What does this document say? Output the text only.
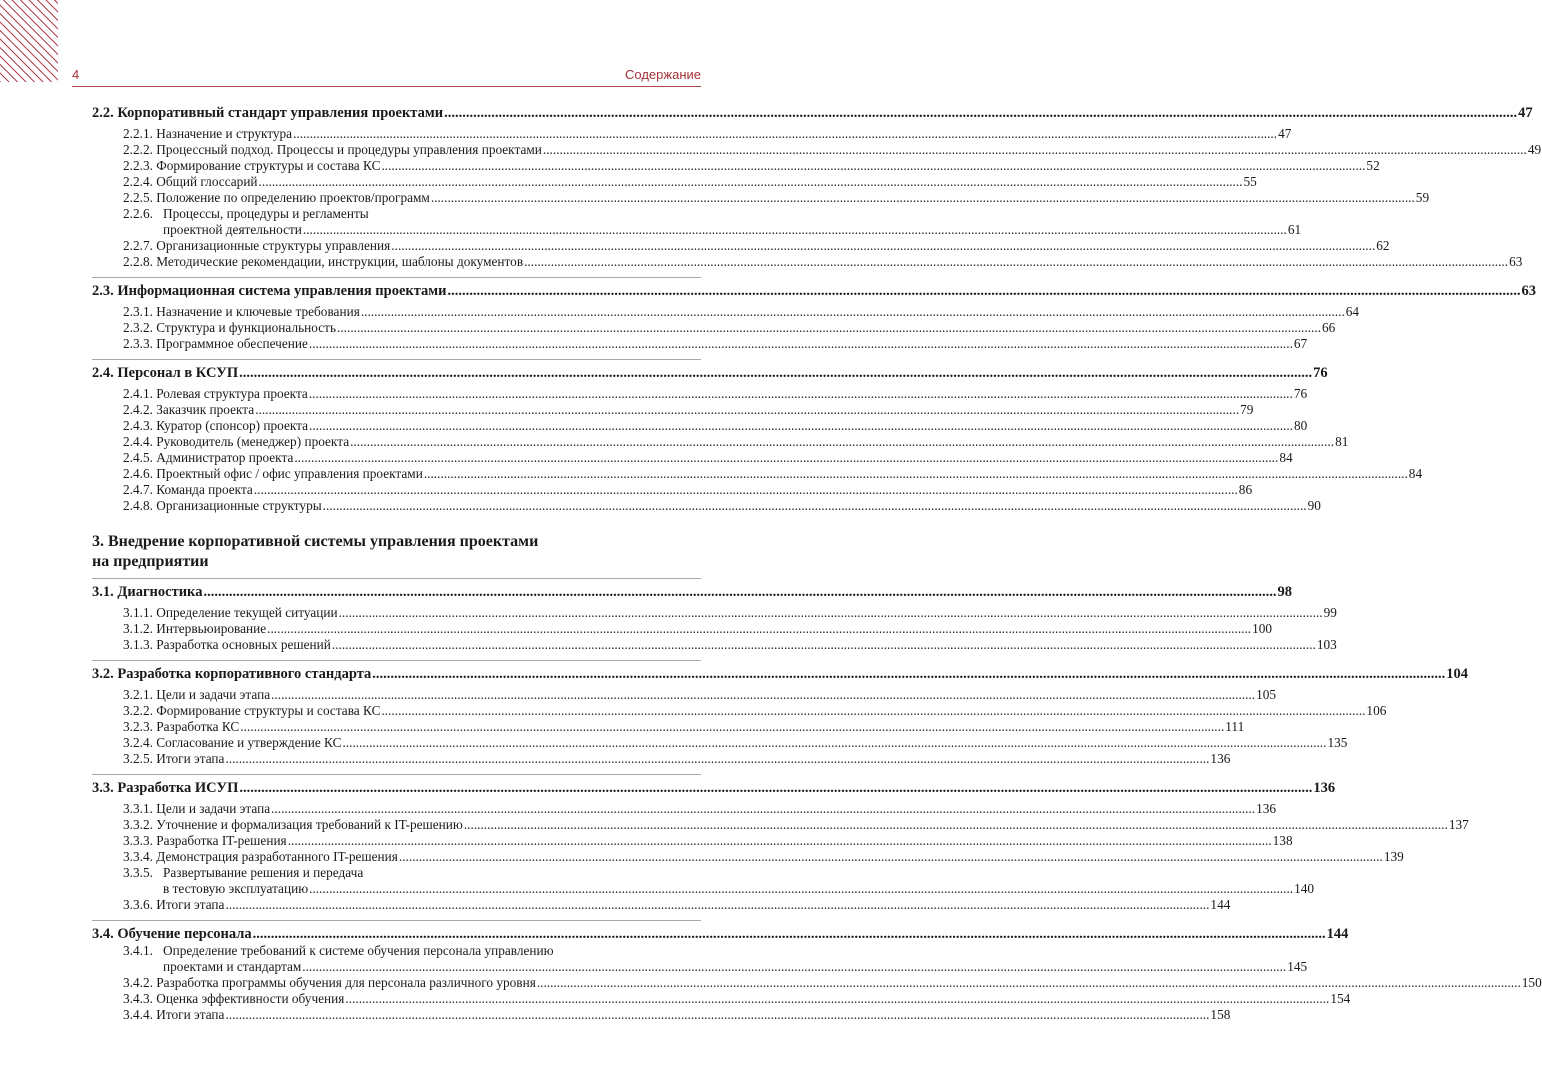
4	Содержание
2.2. Корпоративный стандарт управления проектами .....	47
2.2.1. Назначение и структура .....	47
2.2.2. Процессный подход. Процессы и процедуры управления проектами .....	49
2.2.3. Формирование структуры и состава КС .....	52
2.2.4. Общий глоссарий .....	55
2.2.5. Положение по определению проектов/программ .....	59
2.2.6. Процессы, процедуры и регламенты
проектной деятельности .....	61
2.2.7. Организационные структуры управления .....	62
2.2.8. Методические рекомендации, инструкции, шаблоны документов .....	63
2.3. Информационная система управления проектами .....	63
2.3.1. Назначение и ключевые требования .....	64
2.3.2. Структура и функциональность .....	66
2.3.3. Программное обеспечение .....	67
2.4. Персонал в КСУП .....	76
2.4.1. Ролевая структура проекта .....	76
2.4.2. Заказчик проекта .....	79
2.4.3. Куратор (спонсор) проекта .....	80
2.4.4. Руководитель (менеджер) проекта .....	81
2.4.5. Администратор проекта .....	84
2.4.6. Проектный офис / офис управления проектами .....	84
2.4.7. Команда проекта .....	86
2.4.8. Организационные структуры .....	90
3. Внедрение корпоративной системы управления проектами
на предприятии
3.1. Диагностика .....	98
3.1.1. Определение текущей ситуации .....	99
3.1.2. Интервьюирование .....	100
3.1.3. Разработка основных решений .....	103
3.2. Разработка корпоративного стандарта .....	104
3.2.1. Цели и задачи этапа .....	105
3.2.2. Формирование структуры и состава КС .....	106
3.2.3. Разработка КС .....	111
3.2.4. Согласование и утверждение КС .....	135
3.2.5. Итоги этапа .....	136
3.3. Разработка ИСУП .....	136
3.3.1. Цели и задачи этапа .....	136
3.3.2. Уточнение и формализация требований к IT-решению .....	137
3.3.3. Разработка IT-решения .....	138
3.3.4. Демонстрация разработанного IT-решения .....	139
3.3.5. Развертывание решения и передача
в тестовую эксплуатацию .....	140
3.3.6. Итоги этапа .....	144
3.4. Обучение персонала .....	144
3.4.1. Определение требований к системе обучения персонала управлению
проектами и стандартам .....	145
3.4.2. Разработка программы обучения для персонала различного уровня .....	150
3.4.3. Оценка эффективности обучения .....	154
3.4.4. Итоги этапа .....	158
